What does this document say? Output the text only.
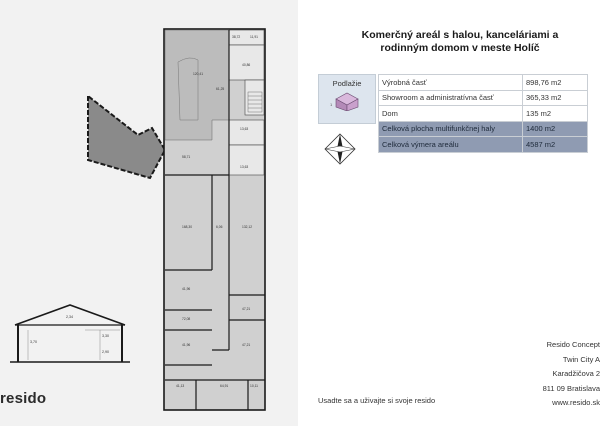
38,72	11,91
120,41
40,86
61,25
13,63
58,71
13,63
168,30	6,06	132,12
41,96
72,08
47,21
41,96	47,21
41,13	64,91	10,11
2,34
3,70
3,30
2,90
resido
Komerčný areál s halou, kanceláriami a
rodinným domom v meste Holíč
Podlažie
1
Výrobná časť	898,76 m2
Showroom a administratívna časť	365,33 m2
Dom	135 m2
Celková plocha multifunkčnej haly	1400 m2
Celková výmera areálu	4587 m2
Resido Concept
Twin City A
Karadžičova 2
811 09 Bratislava
www.resido.sk
Usadte sa a uživajte si svoje resido
